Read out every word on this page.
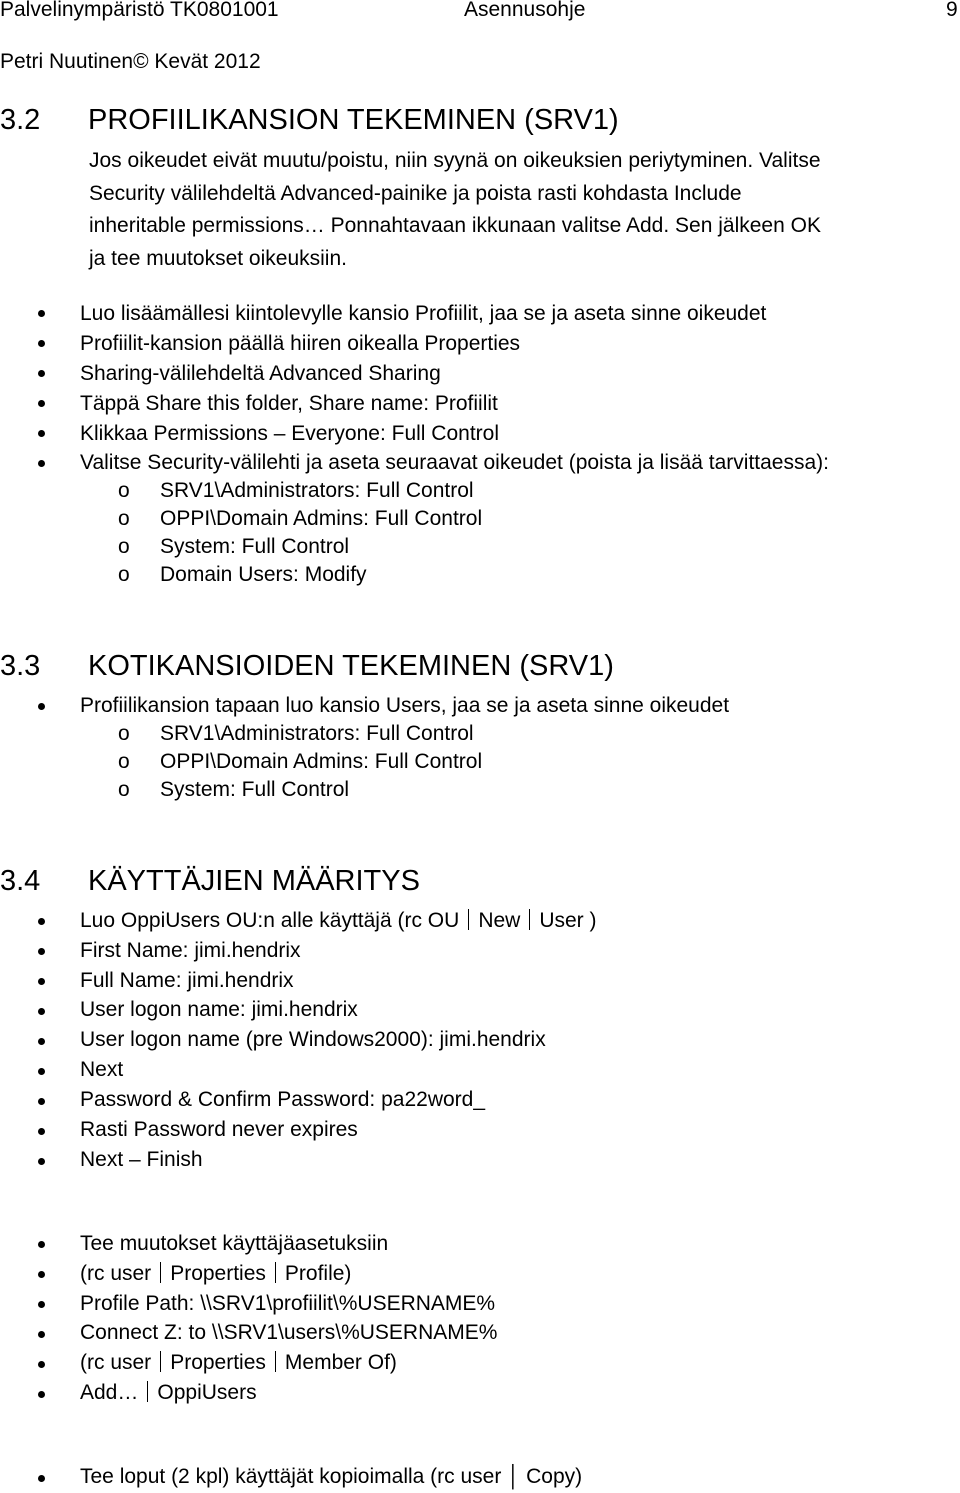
Palvelinympäristö TK0801001	Asennusohje	9
Petri Nuutinen© Kevät 2012
3.2 PROFIILIKANSION TEKEMINEN (SRV1)
Jos oikeudet eivät muutu/poistu, niin syynä on oikeuksien periytyminen. Valitse
Security välilehdeltä Advanced-painike ja poista rasti kohdasta Include
inheritable permissions… Ponnahtavaan ikkunaan valitse Add. Sen jälkeen OK
ja tee muutokset oikeuksiin.
Luo lisäämällesi kiintolevylle kansio Profiilit, jaa se ja aseta sinne oikeudet
Profiilit-kansion päällä hiiren oikealla Properties
Sharing-välilehdeltä Advanced Sharing
Täppä Share this folder, Share name: Profiilit
Klikkaa Permissions – Everyone: Full Control
Valitse Security-välilehti ja aseta seuraavat oikeudet (poista ja lisää tarvittaessa):
o SRV1\Administrators: Full Control
o OPPI\Domain Admins: Full Control
o System: Full Control
o Domain Users: Modify
3.3 KOTIKANSIOIDEN TEKEMINEN (SRV1)
Profiilikansion tapaan luo kansio Users, jaa se ja aseta sinne oikeudet
o SRV1\Administrators: Full Control
o OPPI\Domain Admins: Full Control
o System: Full Control
3.4 KÄYTTÄJIEN MÄÄRITYS
Luo OppiUsers OU:n alle käyttäjä (rc OU New User )
First Name: jimi.hendrix
Full Name: jimi.hendrix
User logon name: jimi.hendrix
User logon name (pre Windows2000): jimi.hendrix
Next
Password & Confirm Password: pa22word_
Rasti Password never expires
Next – Finish
Tee muutokset käyttäjäasetuksiin
(rc user Properties Profile)
Profile Path: \\SRV1\profiilit\%USERNAME%
Connect Z: to \\SRV1\users\%USERNAME%
(rc user Properties Member Of)
Add… OppiUsers
Tee loput (2 kpl) käyttäjät kopioimalla (rc user │ Copy)
